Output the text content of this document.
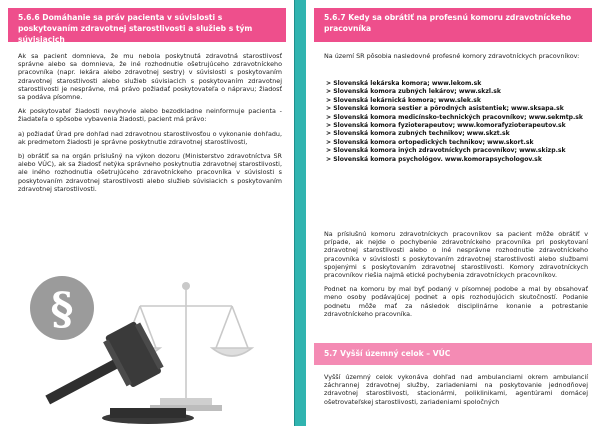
5.6.6 Domáhanie sa práv pacienta v súvislosti s poskytovaním zdravotnej starostlivosti a služieb s tým súvisiacich

Ak sa pacient domnieva, že mu nebola poskytnutá zdravotná starostlivosť správne alebo sa domnieva, že iné rozhodnutie ošetrujúceho zdravotníckeho pracovníka (napr. lekára alebo zdravotnej sestry) v súvislosti s poskytovaním zdravotnej starostlivosti alebo služieb súvisiacich s poskytovaním zdravotnej starostlivosti je nesprávne, má právo požiadať poskytovateľa o nápravu; žiadosť sa podáva písomne.

Ak poskytovateľ žiadosti nevyhovie alebo bezodkladne neinformuje pacienta - žiadateľa o spôsobe vybavenia žiadosti, pacient má právo:

a) požiadať Úrad pre dohľad nad zdravotnou starostlivosťou o vykonanie dohľadu, ak predmetom žiadosti je správne poskytnutie zdravotnej starostlivosti,

b) obrátiť sa na orgán príslušný na výkon dozoru (Ministerstvo zdravotníctva SR alebo VÚC), ak sa žiadosť netýka správneho poskytnutia zdravotnej starostlivosti, ale iného rozhodnutia ošetrujúceho zdravotníckeho pracovníka v súvislosti s poskytovaním zdravotnej starostlivosti alebo služieb súvisiacich s poskytovaním zdravotnej starostlivosti.

§
5.6.7 Kedy sa obrátiť na profesnú komoru zdravotníckeho pracovníka
Na území SR pôsobia nasledovné profesné komory zdravotníckych pracovníkov:
> Slovenská lekárska komora; www.lekom.sk
> Slovenská komora zubných lekárov; www.skzl.sk
> Slovenská lekárnická komora; www.slek.sk
> Slovenská komora sestier a pôrodných asistentiek; www.sksapa.sk
> Slovenská komora medicínsko-technických pracovníkov; www.sekmtp.sk
> Slovenská komora fyzioterapeutov; www.komorafyzioterapeutov.sk
> Slovenská komora zubných technikov; www.skzt.sk
> Slovenská komora ortopedických technikov; www.skort.sk
> Slovenská komora iných zdravotníckych pracovníkov; www.skizp.sk
> Slovenská komora psychológov. www.komorapsychologov.sk

Na príslušnú komoru zdravotníckych pracovníkov sa pacient môže obrátiť v prípade, ak nejde o pochybenie zdravotníckeho pracovníka pri poskytovaní zdravotnej starostlivosti alebo o iné nesprávne rozhodnutie zdravotníckeho pracovníka v súvislosti s poskytovaním zdravotnej starostlivosti alebo službami spojenými s poskytovaním zdravotnej starostlivosti. Komory zdravotníckych pracovníkov riešia najmä etické pochybenia zdravotníckych pracovníkov.

Podnet na komoru by mal byť podaný v písomnej podobe a mal by obsahovať meno osoby podávajúcej podnet a opis rozhodujúcich skutočností. Podanie podnetu môže mať za následok disciplinárne konanie a potrestanie zdravotníckeho pracovníka.

5.7 Vyšší územný celok – VÚC
Vyšší územný celok vykonáva dohľad nad ambulanciami okrem ambulancií záchrannej zdravotnej služby, zariadeniami na poskytovanie jednodňovej zdravotnej starostlivosti, stacionármi, poliklinikami, agentúrami domácej ošetrovateľskej starostlivosti, zariadeniami spoločných
